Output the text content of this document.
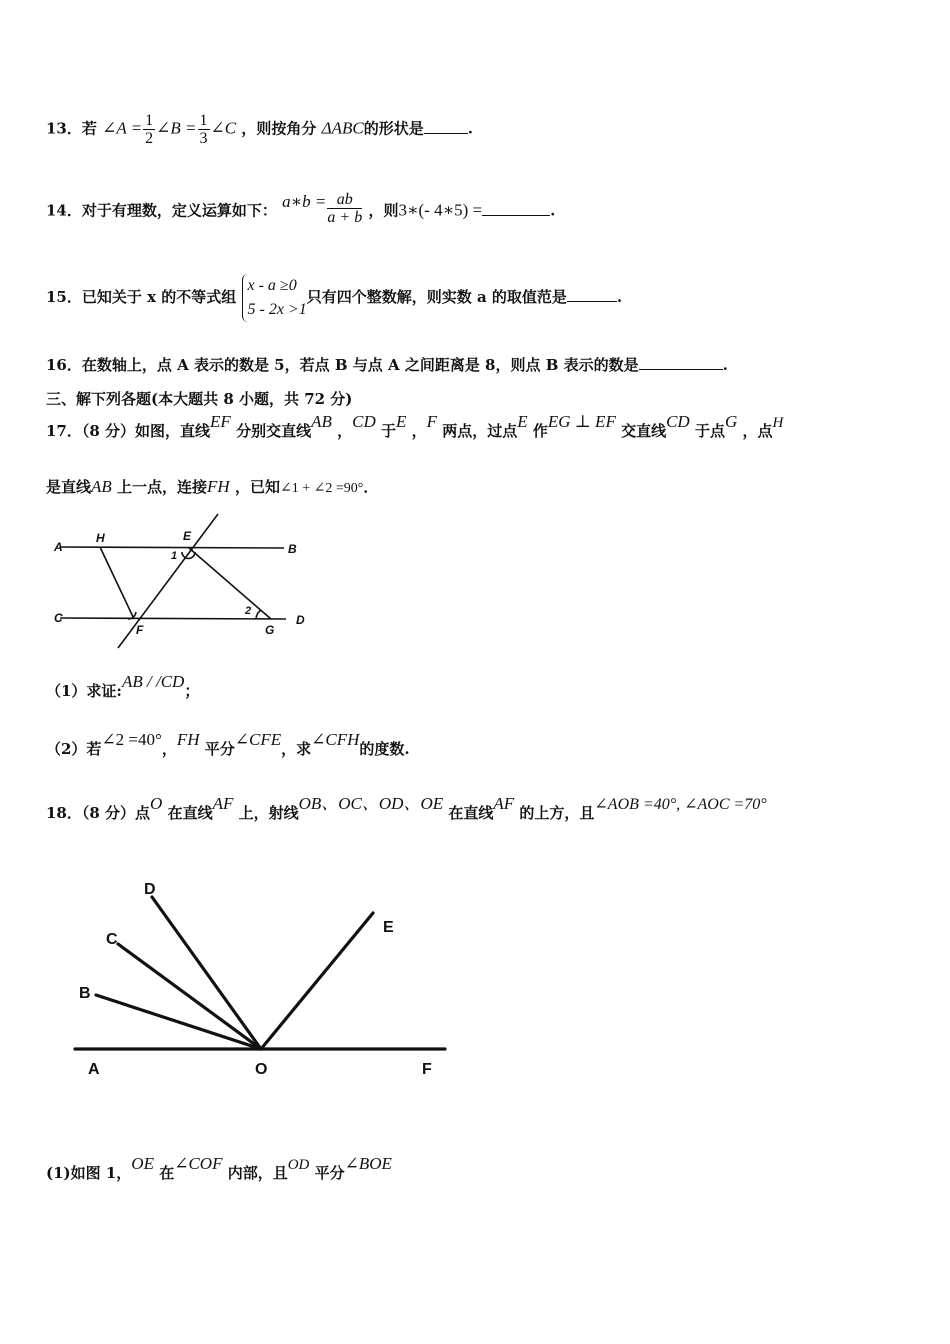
13．若 ∠A = $\frac{1}{2}$ ∠B = $\frac{1}{3}$ ∠C ，则按角分 ΔABC的形状是	.
14．对于有理数，定义运算如下： a∗b = $\frac{ab}{a + b}$ ，则3∗(- 4∗5) =	.
15．已知关于 x 的不等式组
x - a ≥0
5 - 2x >1
只有四个整数解，则实数 a 的取值范是	.
16．在数轴上，点 A 表示的数是 5，若点 B 与点 A 之间距离是 8，则点 B 表示的数是	.
三、解下列各题(本大题共 8 小题，共 72 分)
17．（8 分）如图，直线EF 分别交直线AB ，CD 于E ，F 两点，过点E 作EG ⊥ EF 交直线CD 于点G ，点H
是直线AB 上一点，连接FH ，已知∠1 + ∠2 =90°．
A
H	E
B
1
2
C
F	G
D
（1）求证:AB / /CD；
（2）若∠2 =40°，FH 平分∠CFE，求∠CFH的度数.
18．（8 分）点O 在直线AF 上，射线OB、OC、OD、OE 在直线AF 的上方，且∠AOB =40°, ∠AOC =70°
D
C
B
E
A	O	F
(1)如图 1，OE 在∠COF 内部，且OD 平分∠BOE
